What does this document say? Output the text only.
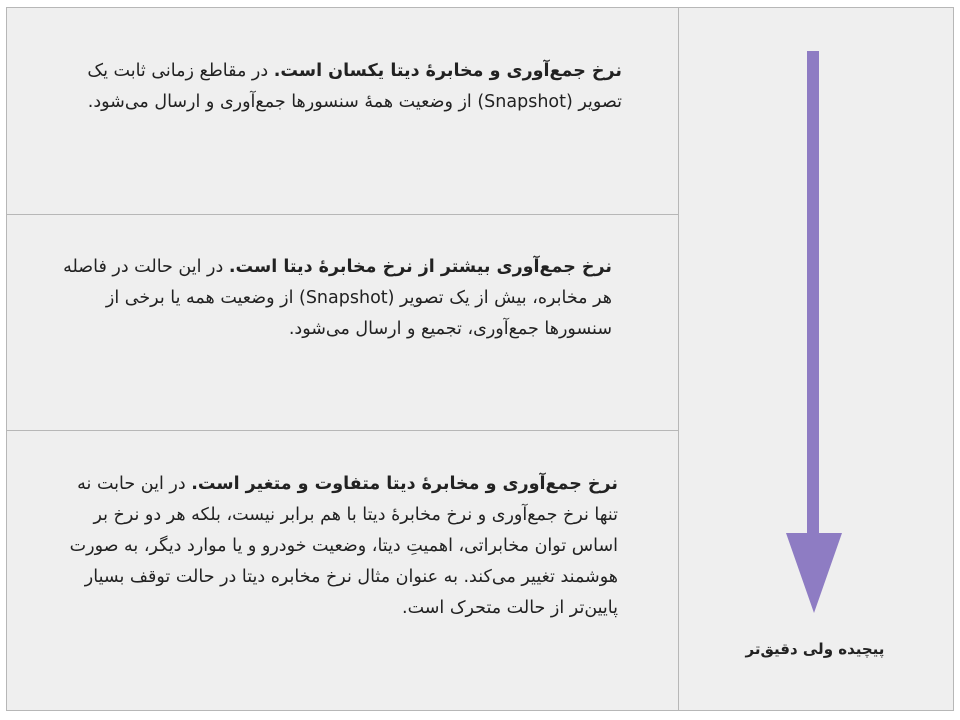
نرخ جمع‌آوری و مخابرهٔ دیتا یکسان است. در مقاطع زمانی ثابت یک تصویر (Snapshot) از وضعیت همهٔ سنسورها جمع‌آوری و ارسال می‌شود.
نرخ جمع‌آوری بیشتر از نرخ مخابرهٔ دیتا است. در این حالت در فاصله هر مخابره، بیش از یک تصویر (Snapshot) از وضعیت همه یا برخی از سنسورها جمع‌آوری، تجمیع و ارسال می‌شود.
نرخ جمع‌آوری و مخابرهٔ دیتا متفاوت و متغیر است. در این حابت نه تنها نرخ جمع‌آوری و نرخ مخابرهٔ دیتا با هم برابر نیست، بلکه هر دو نرخ بر اساس توان مخابراتی، اهمیتِ دیتا، وضعیت خودرو و یا موارد دیگر، به صورت هوشمند تغییر می‌کند. به عنوان مثال نرخ مخابره دیتا در حالت توقف بسیار پایین‌تر از حالت متحرک است.
پیچیده ولی دقیق‌تر
